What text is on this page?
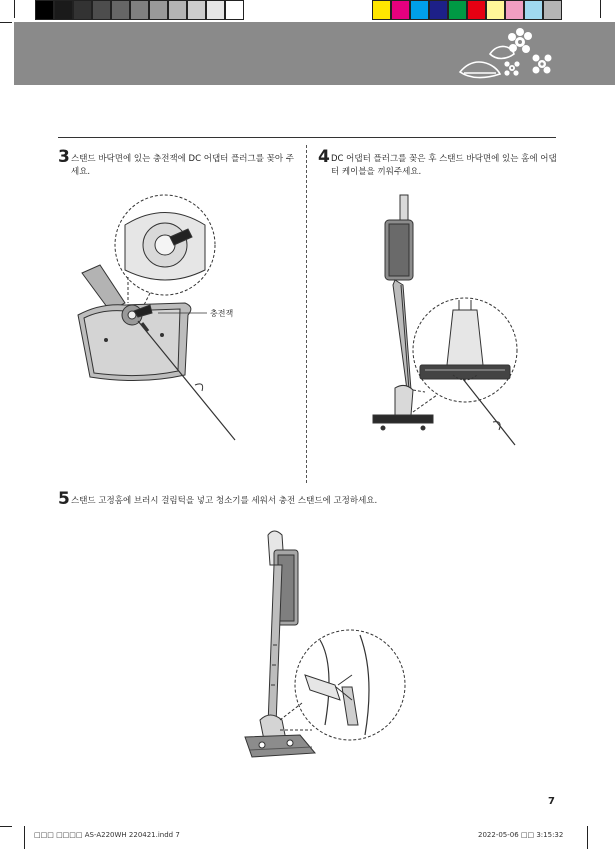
3 스탠드 바닥면에 있는 충전잭에 DC 어댑터 플러그를 꽂아 주세요.
4 DC 어댑터 플러그를 꽂은 후 스탠드 바닥면에 있는 홈에 어댑터 케이블을 끼워주세요.
5 스탠드 고정홈에 브러시 걸림턱을 넣고 청소기를 세워서 충전 스탠드에 고정하세요.
충전잭
7
□□□ □□□□ AS-A220WH 220421.indd 7	2022-05-06 □□ 3:15:32
